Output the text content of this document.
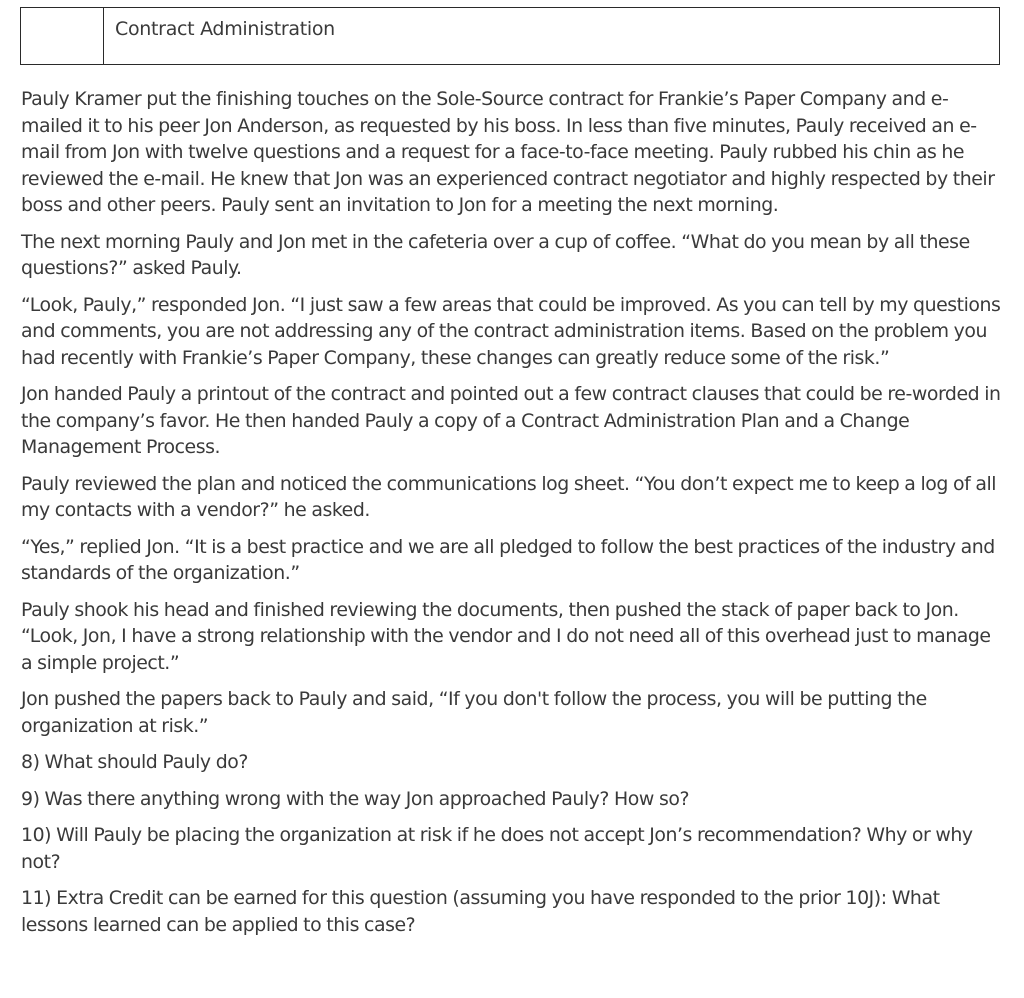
Contract Administration

Pauly Kramer put the finishing touches on the Sole-Source contract for Frankie’s Paper Company and e-mailed it to his peer Jon Anderson, as requested by his boss. In less than five minutes, Pauly received an e-mail from Jon with twelve questions and a request for a face-to-face meeting. Pauly rubbed his chin as he reviewed the e-mail. He knew that Jon was an experienced contract negotiator and highly respected by their boss and other peers. Pauly sent an invitation to Jon for a meeting the next morning.

The next morning Pauly and Jon met in the cafeteria over a cup of coffee. “What do you mean by all these questions?” asked Pauly.

“Look, Pauly,” responded Jon. “I just saw a few areas that could be improved. As you can tell by my questions and comments, you are not addressing any of the contract administration items. Based on the problem you had recently with Frankie’s Paper Company, these changes can greatly reduce some of the risk.”

Jon handed Pauly a printout of the contract and pointed out a few contract clauses that could be re-worded in the company’s favor. He then handed Pauly a copy of a Contract Administration Plan and a Change Management Process.

Pauly reviewed the plan and noticed the communications log sheet. “You don’t expect me to keep a log of all my contacts with a vendor?” he asked.

“Yes,” replied Jon. “It is a best practice and we are all pledged to follow the best practices of the industry and standards of the organization.”

Pauly shook his head and finished reviewing the documents, then pushed the stack of paper back to Jon. “Look, Jon, I have a strong relationship with the vendor and I do not need all of this overhead just to manage a simple project.”

Jon pushed the papers back to Pauly and said, “If you don't follow the process, you will be putting the organization at risk.”

8) What should Pauly do?

9) Was there anything wrong with the way Jon approached Pauly? How so?

10) Will Pauly be placing the organization at risk if he does not accept Jon’s recommendation? Why or why not?

11) Extra Credit can be earned for this question (assuming you have responded to the prior 10J): What lessons learned can be applied to this case?
